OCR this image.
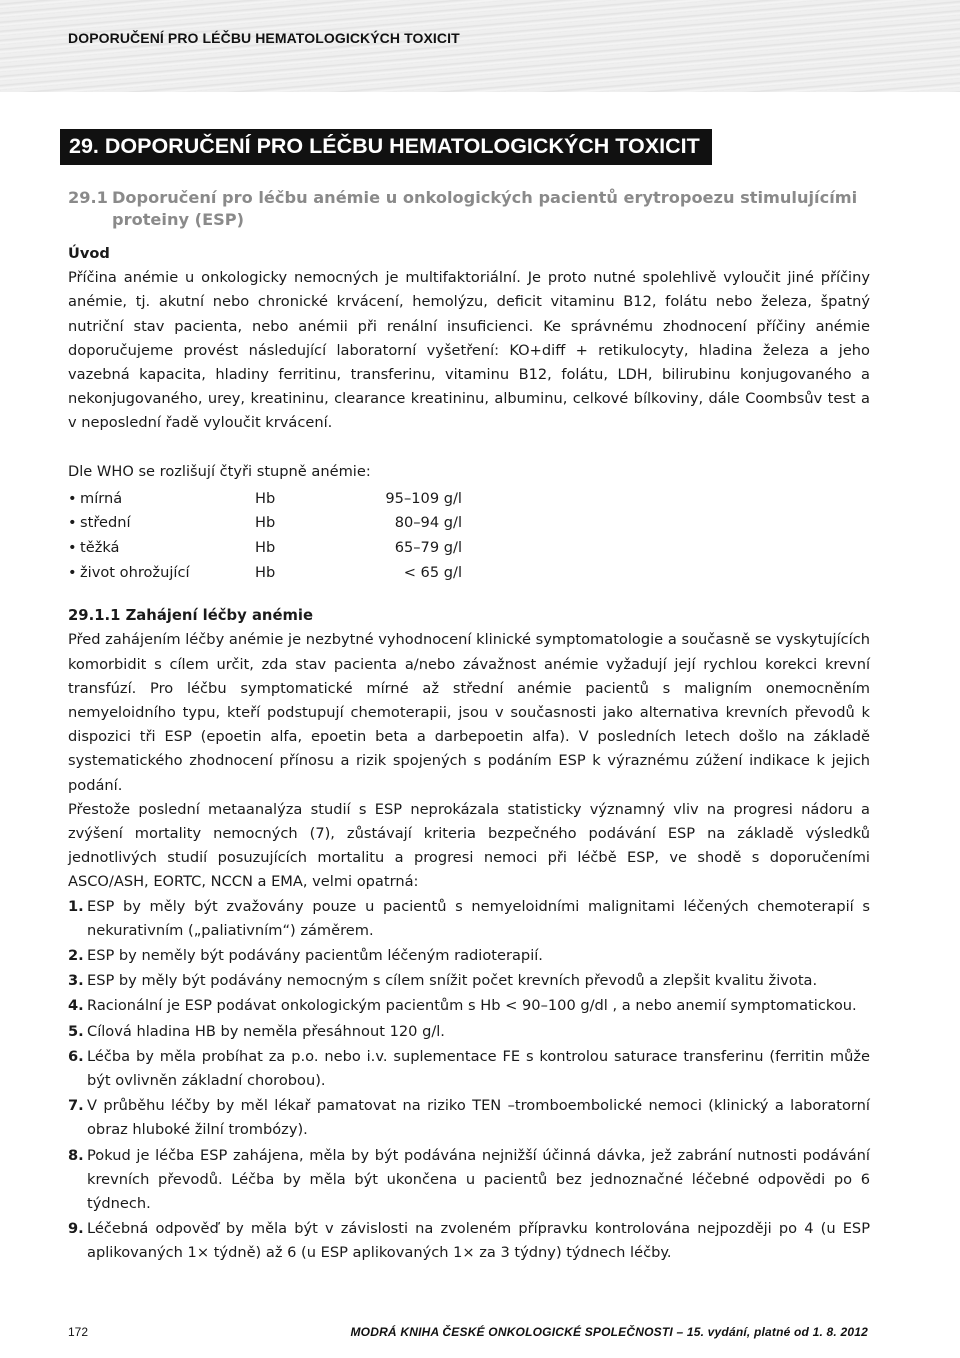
DOPORUČENÍ PRO LÉČBU HEMATOLOGICKÝCH TOXICIT
29. DOPORUČENÍ PRO LÉČBU HEMATOLOGICKÝCH TOXICIT
29.1 Doporučení pro léčbu anémie u onkologických pacientů erytropoezu stimulujícími
proteiny (ESP)
Úvod

Příčina anémie u onkologicky nemocných je multifaktoriální. Je proto nutné spolehlivě vyloučit jiné příčiny anémie, tj. akutní nebo chronické krvácení, hemolýzu, deficit vitaminu B12, folátu nebo železa, špatný nutriční stav pacienta, nebo anémii při renální insuficienci. Ke správnému zhodnocení příčiny anémie doporučujeme provést následující laboratorní vyšetření: KO+diff + retikulocyty, hladina železa a jeho vazebná kapacita, hladiny ferritinu, transferinu, vitaminu B12, folátu, LDH, bilirubinu konjugovaného a nekonjugovaného, urey, kreatininu, clearance kreatininu, albuminu, celkové bílkoviny, dále Coombsův test a v neposlední řadě vyloučit krvácení.

Dle WHO se rozlišují čtyři stupně anémie:

• mírná	Hb	95–109 g/l
• střední	Hb	80–94 g/l
• těžká	Hb	65–79 g/l
• život ohrožující	Hb	< 65 g/l
29.1.1 Zahájení léčby anémie

Před zahájením léčby anémie je nezbytné vyhodnocení klinické symptomatologie a současně se vyskytujících komorbidit s cílem určit, zda stav pacienta a/nebo závažnost anémie vyžadují její rychlou korekci krevní transfúzí. Pro léčbu symptomatické mírné až střední anémie pacientů s maligním onemocněním nemyeloidního typu, kteří podstupují chemoterapii, jsou v současnosti jako alternativa krevních převodů k dispozici tři ESP (epoetin alfa, epoetin beta a darbepoetin alfa). V posledních letech došlo na základě systematického zhodnocení přínosu a rizik spojených s podáním ESP k výraznému zúžení indikace k jejich podání.

Přestože poslední metaanalýza studií s ESP neprokázala statisticky významný vliv na progresi nádoru a zvýšení mortality nemocných (7), zůstávají kriteria bezpečného podávání ESP na základě výsledků jednotlivých studií posuzujících mortalitu a progresi nemoci při léčbě ESP, ve shodě s doporučeními ASCO/ASH, EORTC, NCCN a EMA, velmi opatrná:

1. ESP by měly být zvažovány pouze u pacientů s nemyeloidními malignitami léčených chemoterapií s nekurativním („paliativním“) záměrem.
2. ESP by neměly být podávány pacientům léčeným radioterapií.
3. ESP by měly být podávány nemocným s cílem snížit počet krevních převodů a zlepšit kvalitu života.
4. Racionální je ESP podávat onkologickým pacientům s Hb < 90–100 g/dl , a nebo anemií symptomatickou.
5. Cílová hladina HB by neměla přesáhnout 120 g/l.
6. Léčba by měla probíhat za p.o. nebo i.v. suplementace FE s kontrolou saturace transferinu (ferritin může být ovlivněn základní chorobou).
7. V průběhu léčby by měl lékař pamatovat na riziko TEN –tromboembolické nemoci (klinický a laboratorní obraz hluboké žilní trombózy).
8. Pokud je léčba ESP zahájena, měla by být podávána nejnižší účinná dávka, jež zabrání nutnosti podávání krevních převodů. Léčba by měla být ukončena u pacientů bez jednoznačné léčebné odpovědi po 6 týdnech.
9. Léčebná odpověď by měla být v závislosti na zvoleném přípravku kontrolována nejpozději po 4 (u ESP aplikovaných 1× týdně) až 6 (u ESP aplikovaných 1× za 3 týdny) týdnech léčby.
172	MODRÁ KNIHA ČESKÉ ONKOLOGICKÉ SPOLEČNOSTI – 15. vydání, platné od 1. 8. 2012
